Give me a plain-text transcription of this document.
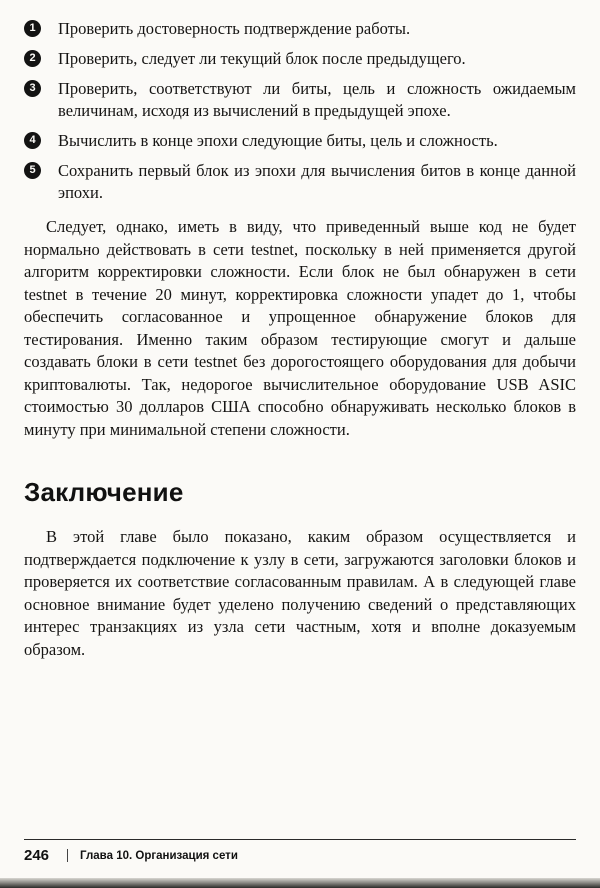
1	Проверить достоверность подтверждение работы.
2	Проверить, следует ли текущий блок после предыдущего.
3	Проверить, соответствуют ли биты, цель и сложность ожидаемым величинам, исходя из вычислений в предыдущей эпохе.
4	Вычислить в конце эпохи следующие биты, цель и сложность.
5	Сохранить первый блок из эпохи для вычисления битов в конце данной эпохи.

Следует, однако, иметь в виду, что приведенный выше код не будет нормально действовать в сети testnet, поскольку в ней применяется другой алгоритм корректировки сложности. Если блок не был обнаружен в сети testnet в течение 20 минут, корректировка сложности упадет до 1, чтобы обеспечить согласованное и упрощенное обнаружение блоков для тестирования. Именно таким образом тестирующие смогут и дальше создавать блоки в сети testnet без дорогостоящего оборудования для добычи криптовалюты. Так, недорогое вычислительное оборудование USB ASIC стоимостью 30 долларов США способно обнаруживать несколько блоков в минуту при минимальной степени сложности.

Заключение

В этой главе было показано, каким образом осуществляется и подтверждается подключение к узлу в сети, загружаются заголовки блоков и проверяется их соответствие согласованным правилам. А в следующей главе основное внимание будет уделено получению сведений о представляющих интерес транзакциях из узла сети частным, хотя и вполне доказуемым образом.

246	Глава 10. Организация сети
